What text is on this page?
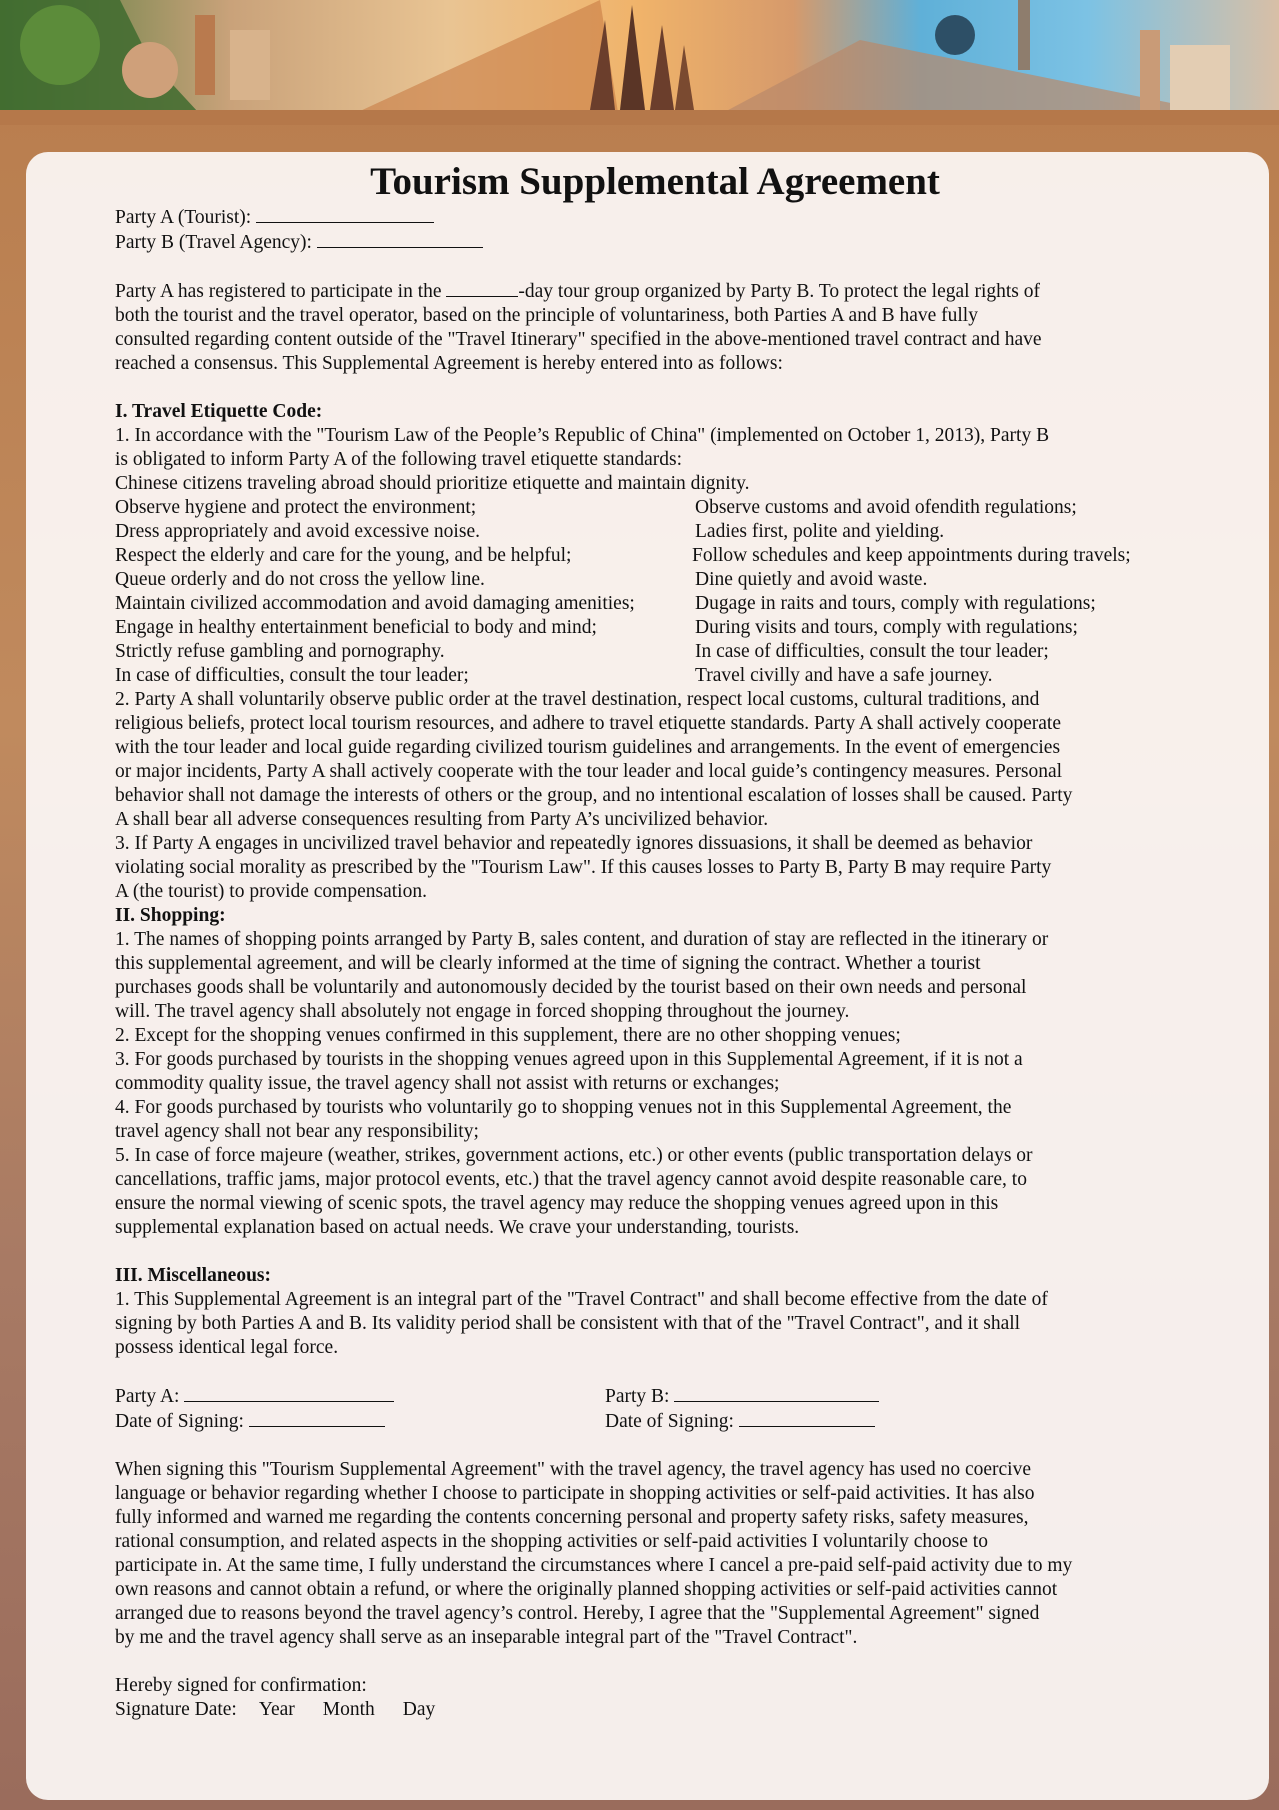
Tourism Supplemental Agreement
Party A (Tourist):
Party B (Travel Agency):
Party A has registered to participate in the	-day tour group organized by Party B. To protect the legal rights of
both the tourist and the travel operator, based on the principle of voluntariness, both Parties A and B have fully
consulted regarding content outside of the "Travel Itinerary" specified in the above-mentioned travel contract and have
reached a consensus. This Supplemental Agreement is hereby entered into as follows:
I. Travel Etiquette Code:
1. In accordance with the "Tourism Law of the People’s Republic of China" (implemented on October 1, 2013), Party B
is obligated to inform Party A of the following travel etiquette standards:
Chinese citizens traveling abroad should prioritize etiquette and maintain dignity.
Observe hygiene and protect the environment;	Observe customs and avoid ofendith regulations;
Dress appropriately and avoid excessive noise.	Ladies first, polite and yielding.
Respect the elderly and care for the young, and be helpful;	Follow schedules and keep appointments during travels;
Queue orderly and do not cross the yellow line.	Dine quietly and avoid waste.
Maintain civilized accommodation and avoid damaging amenities;	Dugage in raits and tours, comply with regulations;
Engage in healthy entertainment beneficial to body and mind;	During visits and tours, comply with regulations;
Strictly refuse gambling and pornography.	In case of difficulties, consult the tour leader;
In case of difficulties, consult the tour leader;	Travel civilly and have a safe journey.
2. Party A shall voluntarily observe public order at the travel destination, respect local customs, cultural traditions, and
religious beliefs, protect local tourism resources, and adhere to travel etiquette standards. Party A shall actively cooperate
with the tour leader and local guide regarding civilized tourism guidelines and arrangements. In the event of emergencies
or major incidents, Party A shall actively cooperate with the tour leader and local guide’s contingency measures. Personal
behavior shall not damage the interests of others or the group, and no intentional escalation of losses shall be caused. Party
A shall bear all adverse consequences resulting from Party A’s uncivilized behavior.
3. If Party A engages in uncivilized travel behavior and repeatedly ignores dissuasions, it shall be deemed as behavior
violating social morality as prescribed by the "Tourism Law". If this causes losses to Party B, Party B may require Party
A (the tourist) to provide compensation.
II. Shopping:
1. The names of shopping points arranged by Party B, sales content, and duration of stay are reflected in the itinerary or
this supplemental agreement, and will be clearly informed at the time of signing the contract. Whether a tourist
purchases goods shall be voluntarily and autonomously decided by the tourist based on their own needs and personal
will. The travel agency shall absolutely not engage in forced shopping throughout the journey.
2. Except for the shopping venues confirmed in this supplement, there are no other shopping venues;
3. For goods purchased by tourists in the shopping venues agreed upon in this Supplemental Agreement, if it is not a
commodity quality issue, the travel agency shall not assist with returns or exchanges;
4. For goods purchased by tourists who voluntarily go to shopping venues not in this Supplemental Agreement, the
travel agency shall not bear any responsibility;
5. In case of force majeure (weather, strikes, government actions, etc.) or other events (public transportation delays or
cancellations, traffic jams, major protocol events, etc.) that the travel agency cannot avoid despite reasonable care, to
ensure the normal viewing of scenic spots, the travel agency may reduce the shopping venues agreed upon in this
supplemental explanation based on actual needs. We crave your understanding, tourists.
III. Miscellaneous:
1. This Supplemental Agreement is an integral part of the "Travel Contract" and shall become effective from the date of
signing by both Parties A and B. Its validity period shall be consistent with that of the "Travel Contract", and it shall
possess identical legal force.
Party A:	Party B:
Date of Signing:	Date of Signing:
When signing this "Tourism Supplemental Agreement" with the travel agency, the travel agency has used no coercive
language or behavior regarding whether I choose to participate in shopping activities or self-paid activities. It has also
fully informed and warned me regarding the contents concerning personal and property safety risks, safety measures,
rational consumption, and related aspects in the shopping activities or self-paid activities I voluntarily choose to
participate in. At the same time, I fully understand the circumstances where I cancel a pre-paid self-paid activity due to my
own reasons and cannot obtain a refund, or where the originally planned shopping activities or self-paid activities cannot
arranged due to reasons beyond the travel agency’s control. Hereby, I agree that the "Supplemental Agreement" signed
by me and the travel agency shall serve as an inseparable integral part of the "Travel Contract".
Hereby signed for confirmation:
Signature Date: Year Month Day
